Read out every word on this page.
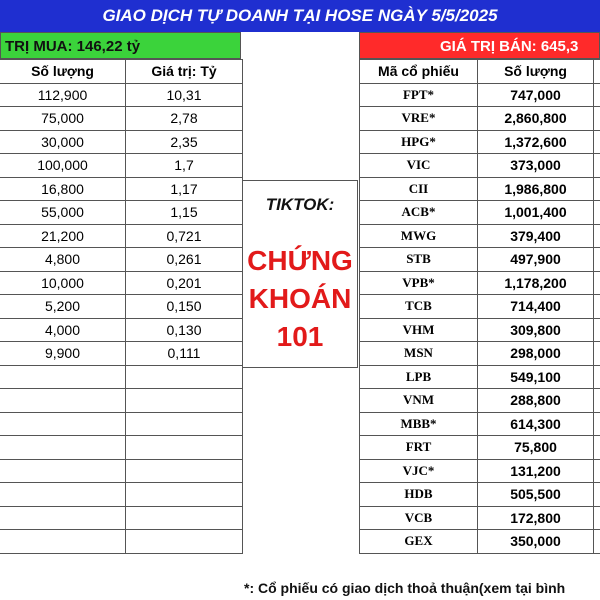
GIAO DỊCH TỰ DOANH TẠI HOSE NGÀY 5/5/2025
TRỊ MUA: 146,22 tỷ	GIÁ TRỊ BÁN: 645,3
	Số lượng	Giá trị: Tỷ
	112,900	10,31
	75,000	2,78
	30,000	2,35
	100,000	1,7
	16,800	1,17
	55,000	1,15
	21,200	0,721
	4,800	0,261
	10,000	0,201
	5,200	0,150
	4,000	0,130
	9,900	0,111

Mã cổ phiếu	Số lượng	
FPT*	747,000	
VRE*	2,860,800	
HPG*	1,372,600	
VIC	373,000	
CII	1,986,800	
ACB*	1,001,400	
MWG	379,400	
STB	497,900	
VPB*	1,178,200	
TCB	714,400	
VHM	309,800	
MSN	298,000	
LPB	549,100	
VNM	288,800	
MBB*	614,300	
FRT	75,800	
VJC*	131,200	
HDB	505,500	
VCB	172,800	
GEX	350,000	
TIKTOK:
CHỨNG
KHOÁN
101
*: Cổ phiếu có giao dịch thoả thuận(xem tại bình
